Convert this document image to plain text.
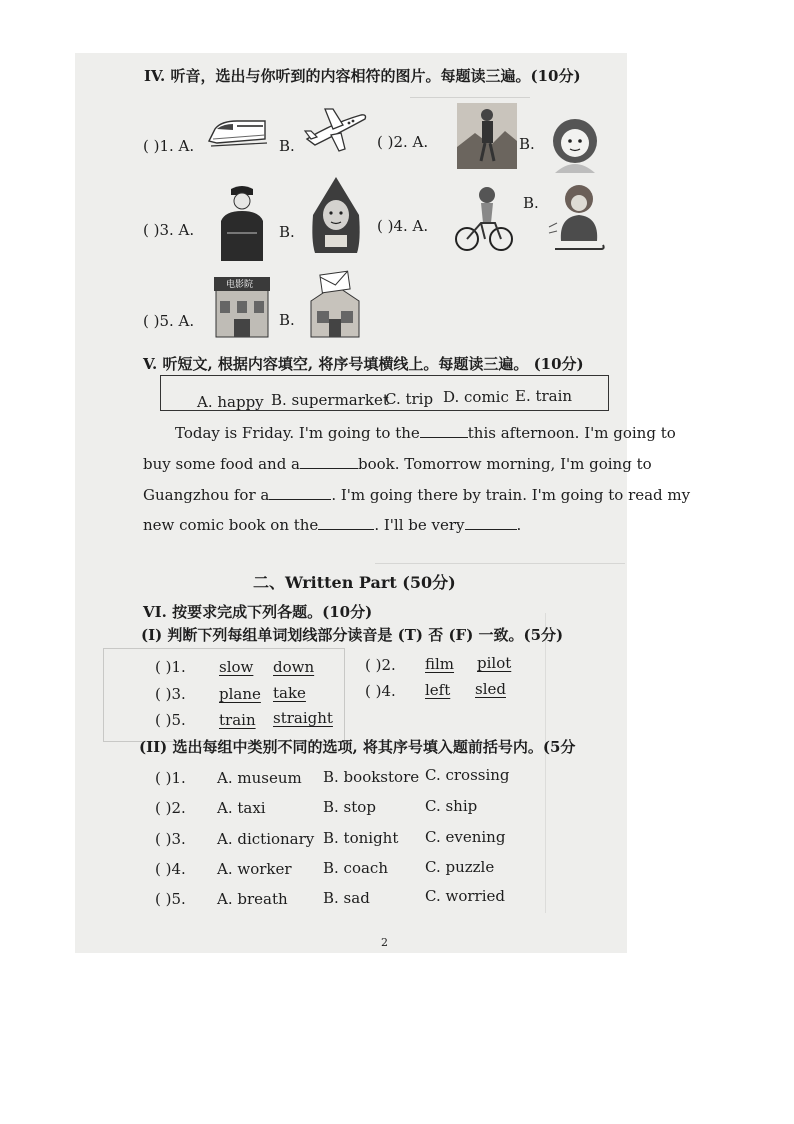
IV. 听音，选出与你听到的内容相符的图片。每题读三遍。(10分)
( )1. A.	B.	( )2. A.	B.
( )3. A.	B.	( )4. A.
B.
( )5. A.	B.
电影院
V. 听短文, 根据内容填空, 将序号填横线上。每题读三遍。 (10分)
A. happy B. supermarket
C. trip D. comic E. train
Today is Friday. I'm going to the	this afternoon. I'm going to
buy some food and a	book. Tomorrow morning, I'm going to
Guangzhou for a	. I'm going there by train. I'm going to read my
new comic book on the	. I'll be very	.
二、Written Part (50分)
VI. 按要求完成下列各题。(10分)
(I) 判断下列每组单词划线部分读音是 (T) 否 (F) 一致。(5分)
( )1. slow down	( )2. film pilot
( )3. plane take	( )4. left sled
( )5. train straight
(II) 选出每组中类别不同的选项, 将其序号填入题前括号内。(5分
( )1. A. museum B. bookstore C. crossing
( )2. A. taxi	B. stop	C. ship
( )3. A. dictionary B. tonight C. evening
( )4. A. worker B. coach C. puzzle
( )5. A. breath B. sad	C. worried
2
